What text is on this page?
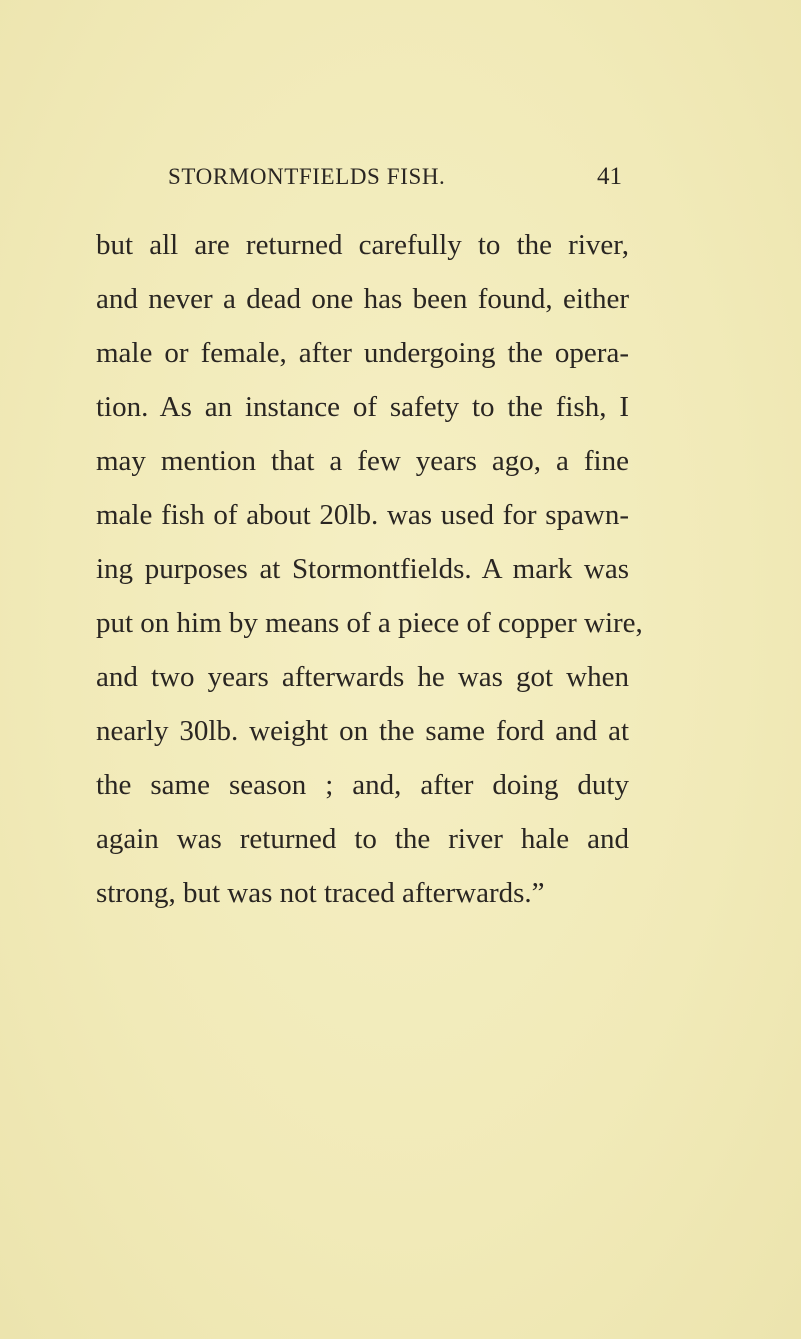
STORMONTFIELDS FISH.	41
but all are returned carefully to the river,
and never a dead one has been found, either
male or female, after undergoing the opera-
tion. As an instance of safety to the fish, I
may mention that a few years ago, a fine
male fish of about 20lb. was used for spawn-
ing purposes at Stormontfields. A mark was
put on him by means of a piece of copper wire,
and two years afterwards he was got when
nearly 30lb. weight on the same ford and at
the same season ; and, after doing duty
again was returned to the river hale and
strong, but was not traced afterwards.”
